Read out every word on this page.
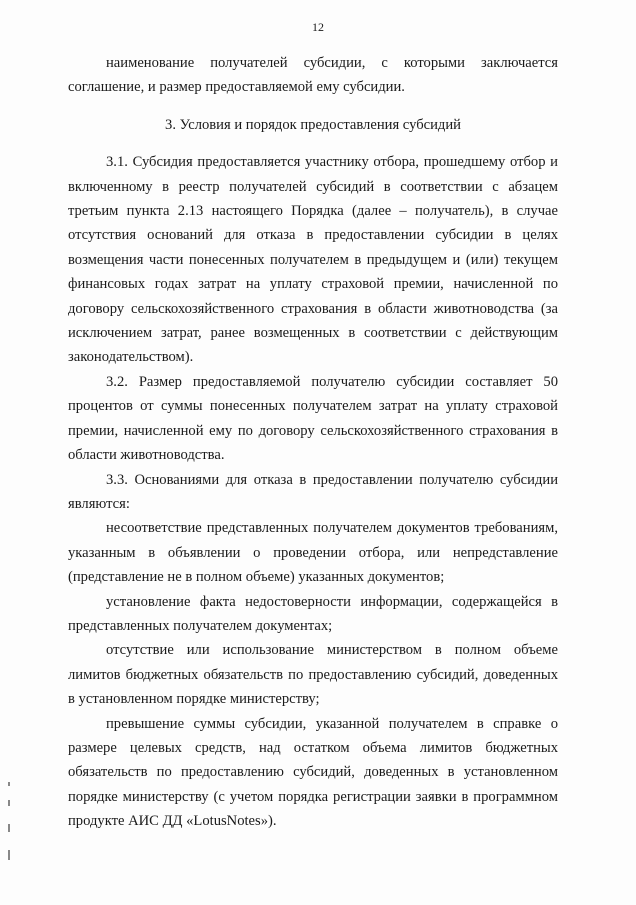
12

наименование получателей субсидии, с которыми заключается соглашение, и размер предоставляемой ему субсидии.

3. Условия и порядок предоставления субсидий

3.1. Субсидия предоставляется участнику отбора, прошедшему отбор и включенному в реестр получателей субсидий в соответствии с абзацем третьим пункта 2.13 настоящего Порядка (далее – получатель), в случае отсутствия оснований для отказа в предоставлении субсидии в целях возмещения части понесенных получателем в предыдущем и (или) текущем финансовых годах затрат на уплату страховой премии, начисленной по договору сельскохозяйственного страхования в области животноводства (за исключением затрат, ранее возмещенных в соответствии с действующим законодательством).

3.2. Размер предоставляемой получателю субсидии составляет 50 процентов от суммы понесенных получателем затрат на уплату страховой премии, начисленной ему по договору сельскохозяйственного страхования в области животноводства.

3.3. Основаниями для отказа в предоставлении получателю субсидии являются:

несоответствие представленных получателем документов требованиям, указанным в объявлении о проведении отбора, или непредставление (представление не в полном объеме) указанных документов;

установление факта недостоверности информации, содержащейся в представленных получателем документах;

отсутствие или использование министерством в полном объеме лимитов бюджетных обязательств по предоставлению субсидий, доведенных в установленном порядке министерству;

превышение суммы субсидии, указанной получателем в справке о размере целевых средств, над остатком объема лимитов бюджетных обязательств по предоставлению субсидий, доведенных в установленном порядке министерству (с учетом порядка регистрации заявки в программном продукте АИС ДД «LotusNotes»).
